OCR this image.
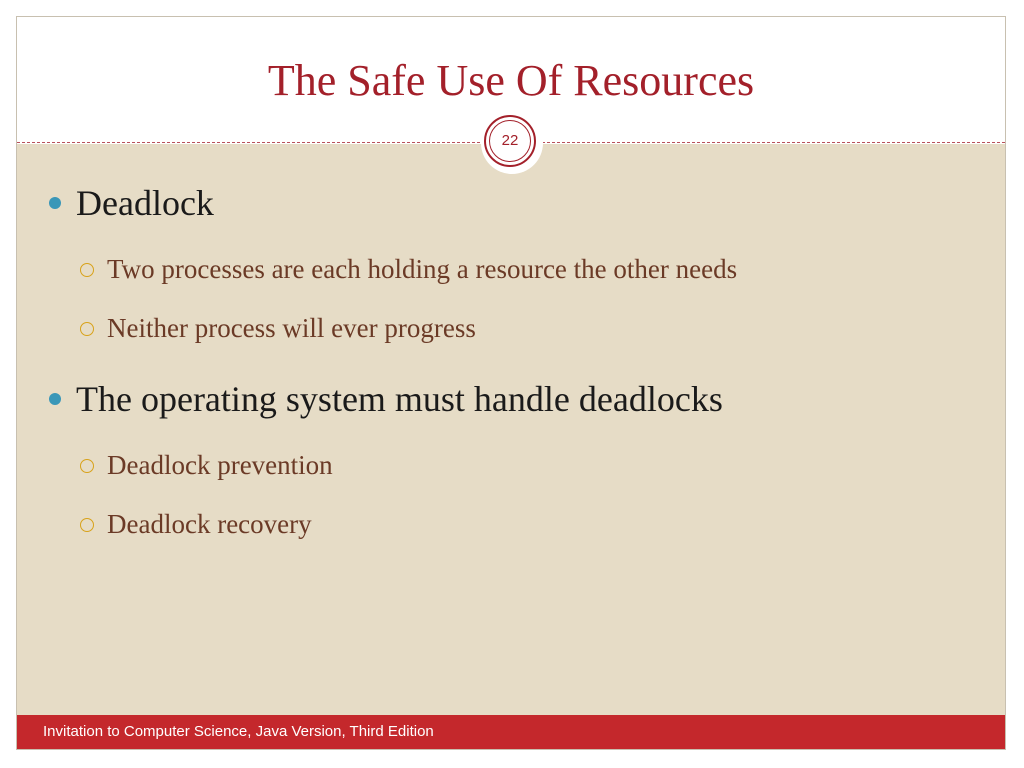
The Safe Use Of Resources
22
Deadlock
Two processes are each holding a resource the other needs
Neither process will ever progress
The operating system must handle deadlocks
Deadlock prevention
Deadlock recovery
Invitation to Computer Science, Java Version, Third Edition
